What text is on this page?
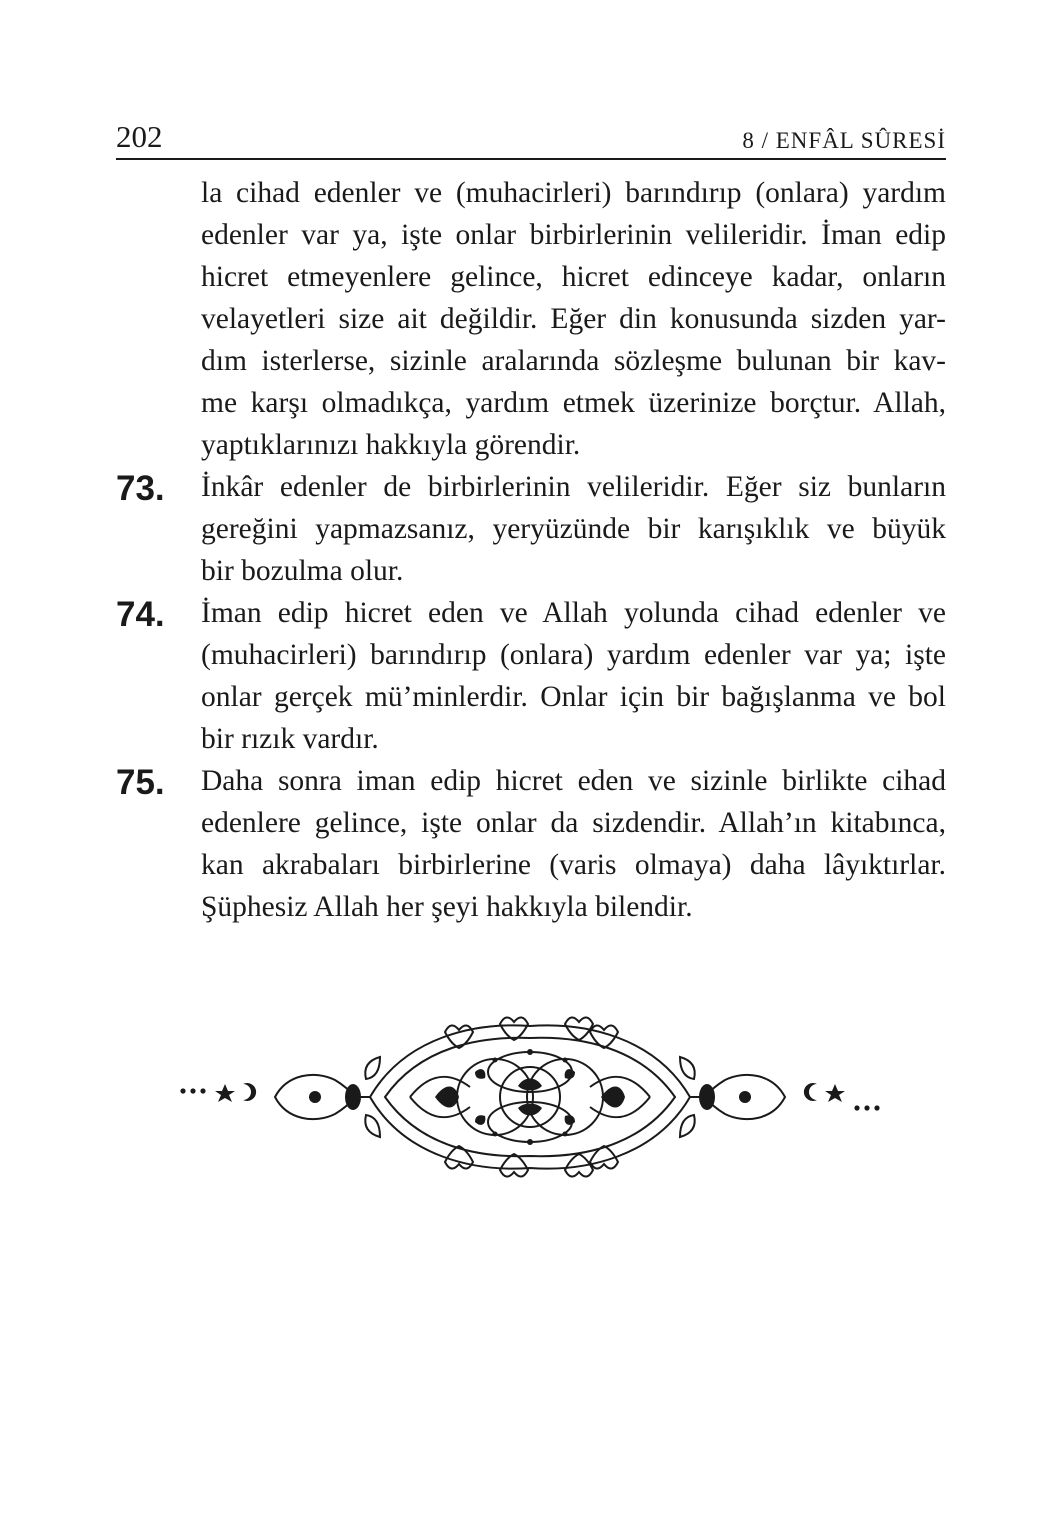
202	8 / ENFÂL SÛRESİ
la cihad edenler ve (muhacirleri) barındırıp (onlara) yardım
edenler var ya, işte onlar birbirlerinin velileridir. İman edip
hicret etmeyenlere gelince, hicret edinceye kadar, onların
velayetleri size ait değildir. Eğer din konusunda sizden yar-
dım isterlerse, sizinle aralarında sözleşme bulunan bir kav-
me karşı olmadıkça, yardım etmek üzerinize borçtur. Allah,
yaptıklarınızı hakkıyla görendir.
73. İnkâr edenler de birbirlerinin velileridir. Eğer siz bunların
gereğini yapmazsanız, yeryüzünde bir karışıklık ve büyük
bir bozulma olur.
74. İman edip hicret eden ve Allah yolunda cihad edenler ve
(muhacirleri) barındırıp (onlara) yardım edenler var ya; işte
onlar gerçek mü’minlerdir. Onlar için bir bağışlanma ve bol
bir rızık vardır.
75. Daha sonra iman edip hicret eden ve sizinle birlikte cihad
edenlere gelince, işte onlar da sizdendir. Allah’ın kitabınca,
kan akrabaları birbirlerine (varis olmaya) daha lâyıktırlar.
Şüphesiz Allah her şeyi hakkıyla bilendir.
